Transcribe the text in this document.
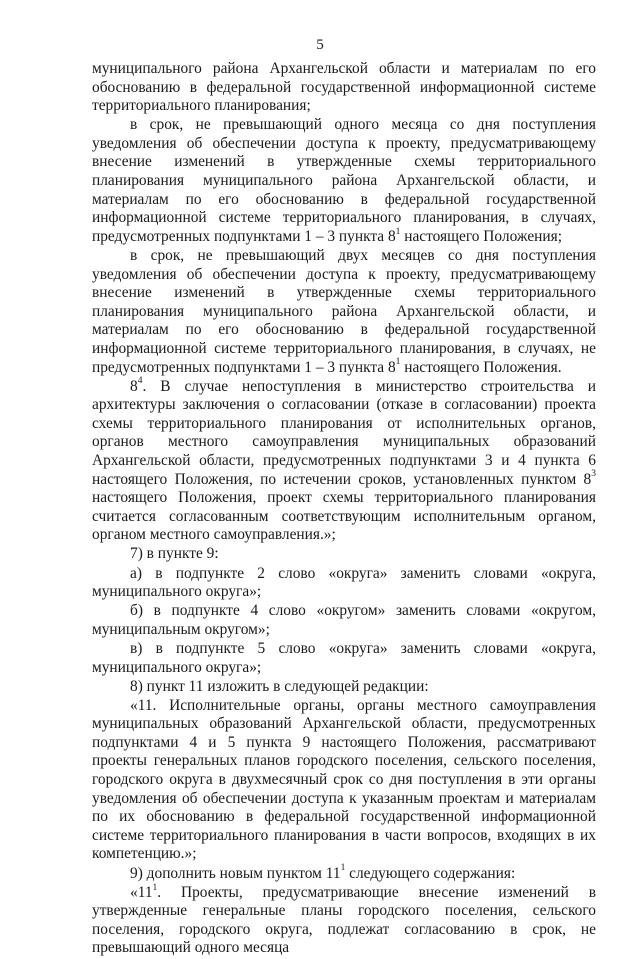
5

муниципального района Архангельской области и материалам по его обоснованию в федеральной государственной информационной системе территориального планирования;

в срок, не превышающий одного месяца со дня поступления уведомления об обеспечении доступа к проекту, предусматривающему внесение изменений в утвержденные схемы территориального планирования муниципального района Архангельской области, и материалам по его обоснованию в федеральной государственной информационной системе территориального планирования, в случаях, предусмотренных подпунктами 1 – 3 пункта $8^1$ настоящего Положения;

в срок, не превышающий двух месяцев со дня поступления уведомления об обеспечении доступа к проекту, предусматривающему внесение изменений в утвержденные схемы территориального планирования муниципального района Архангельской области, и материалам по его обоснованию в федеральной государственной информационной системе территориального планирования, в случаях, не предусмотренных подпунктами 1 – 3 пункта $8^1$ настоящего Положения.

$8^4$. В случае непоступления в министерство строительства и архитектуры заключения о согласовании (отказе в согласовании) проекта схемы территориального планирования от исполнительных органов, органов местного самоуправления муниципальных образований Архангельской области, предусмотренных подпунктами 3 и 4 пункта 6 настоящего Положения, по истечении сроков, установленных пунктом $8^3$ настоящего Положения, проект схемы территориального планирования считается согласованным соответствующим исполнительным органом, органом местного самоуправления.»;

7) в пункте 9:

а) в подпункте 2 слово «округа» заменить словами «округа, муниципального округа»;

б) в подпункте 4 слово «округом» заменить словами «округом, муниципальным округом»;

в) в подпункте 5 слово «округа» заменить словами «округа, муниципального округа»;

8) пункт 11 изложить в следующей редакции:

«11. Исполнительные органы, органы местного самоуправления муниципальных образований Архангельской области, предусмотренных подпунктами 4 и 5 пункта 9 настоящего Положения, рассматривают проекты генеральных планов городского поселения, сельского поселения, городского округа в двухмесячный срок со дня поступления в эти органы уведомления об обеспечении доступа к указанным проектам и материалам по их обоснованию в федеральной государственной информационной системе территориального планирования в части вопросов, входящих в их компетенцию.»;

9) дополнить новым пунктом $11^1$ следующего содержания:

«$11^1$. Проекты, предусматривающие внесение изменений в утвержденные генеральные планы городского поселения, сельского поселения, городского округа, подлежат согласованию в срок, не превышающий одного месяца
